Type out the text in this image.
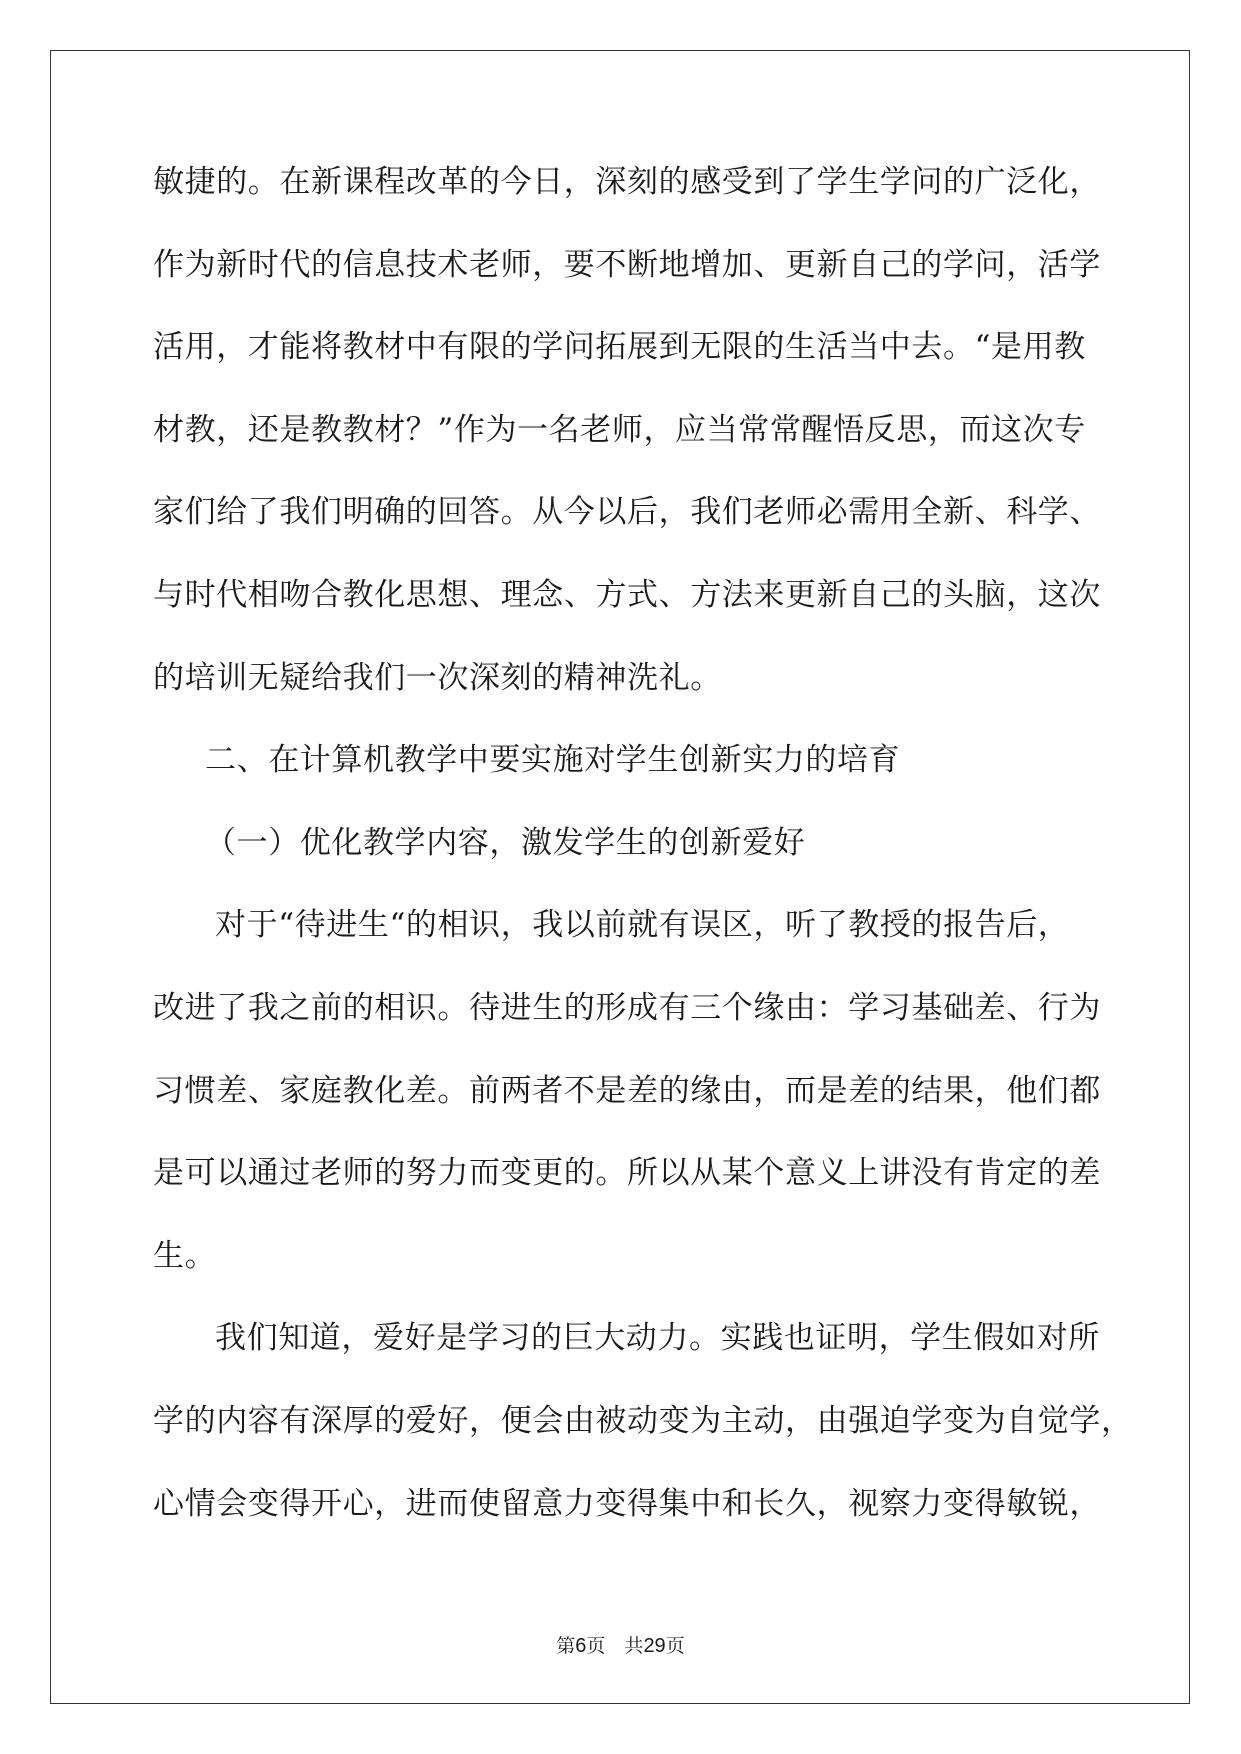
敏捷的。在新课程改革的今日，深刻的感受到了学生学问的广泛化，
作为新时代的信息技术老师，要不断地增加、更新自己的学问，活学
活用，才能将教材中有限的学问拓展到无限的生活当中去。“是用教
材教，还是教教材？”作为一名老师，应当常常醒悟反思，而这次专
家们给了我们明确的回答。从今以后，我们老师必需用全新、科学、
与时代相吻合教化思想、理念、方式、方法来更新自己的头脑，这次
的培训无疑给我们一次深刻的精神洗礼。
二、在计算机教学中要实施对学生创新实力的培育
（一）优化教学内容，激发学生的创新爱好
对于“待进生“的相识，我以前就有误区，听了教授的报告后，
改进了我之前的相识。待进生的形成有三个缘由：学习基础差、行为
习惯差、家庭教化差。前两者不是差的缘由，而是差的结果，他们都
是可以通过老师的努力而变更的。所以从某个意义上讲没有肯定的差
生。
我们知道，爱好是学习的巨大动力。实践也证明，学生假如对所
学的内容有深厚的爱好，便会由被动变为主动，由强迫学变为自觉学，
心情会变得开心，进而使留意力变得集中和长久，视察力变得敏锐，
第6页　共29页
